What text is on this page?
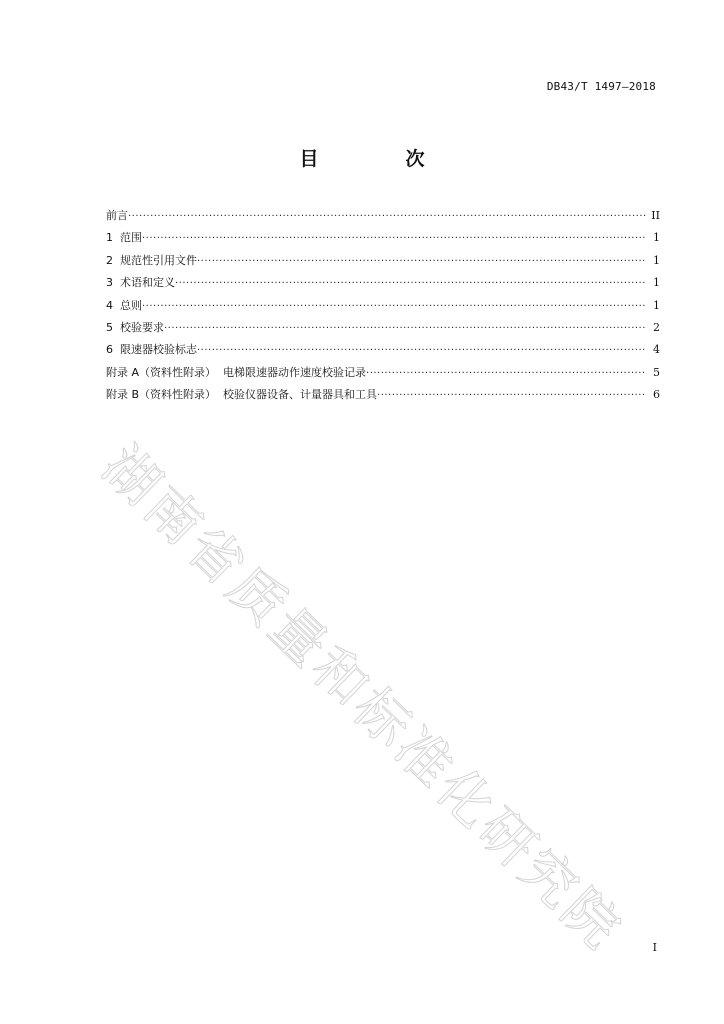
DB43/T 1497—2018
目　次
前言 ·····	II
1  范围 ·····	1
2  规范性引用文件 ·····	1
3  术语和定义 ·····	1
4  总则 ·····	1
5  校验要求 ·····	2
6  限速器校验标志 ·····	4
附录 A（资料性附录）  电梯限速器动作速度校验记录 ·····	5
附录 B（资料性附录）  校验仪器设备、计量器具和工具 ·····	6
湖南省质量和标准化研究院 I
